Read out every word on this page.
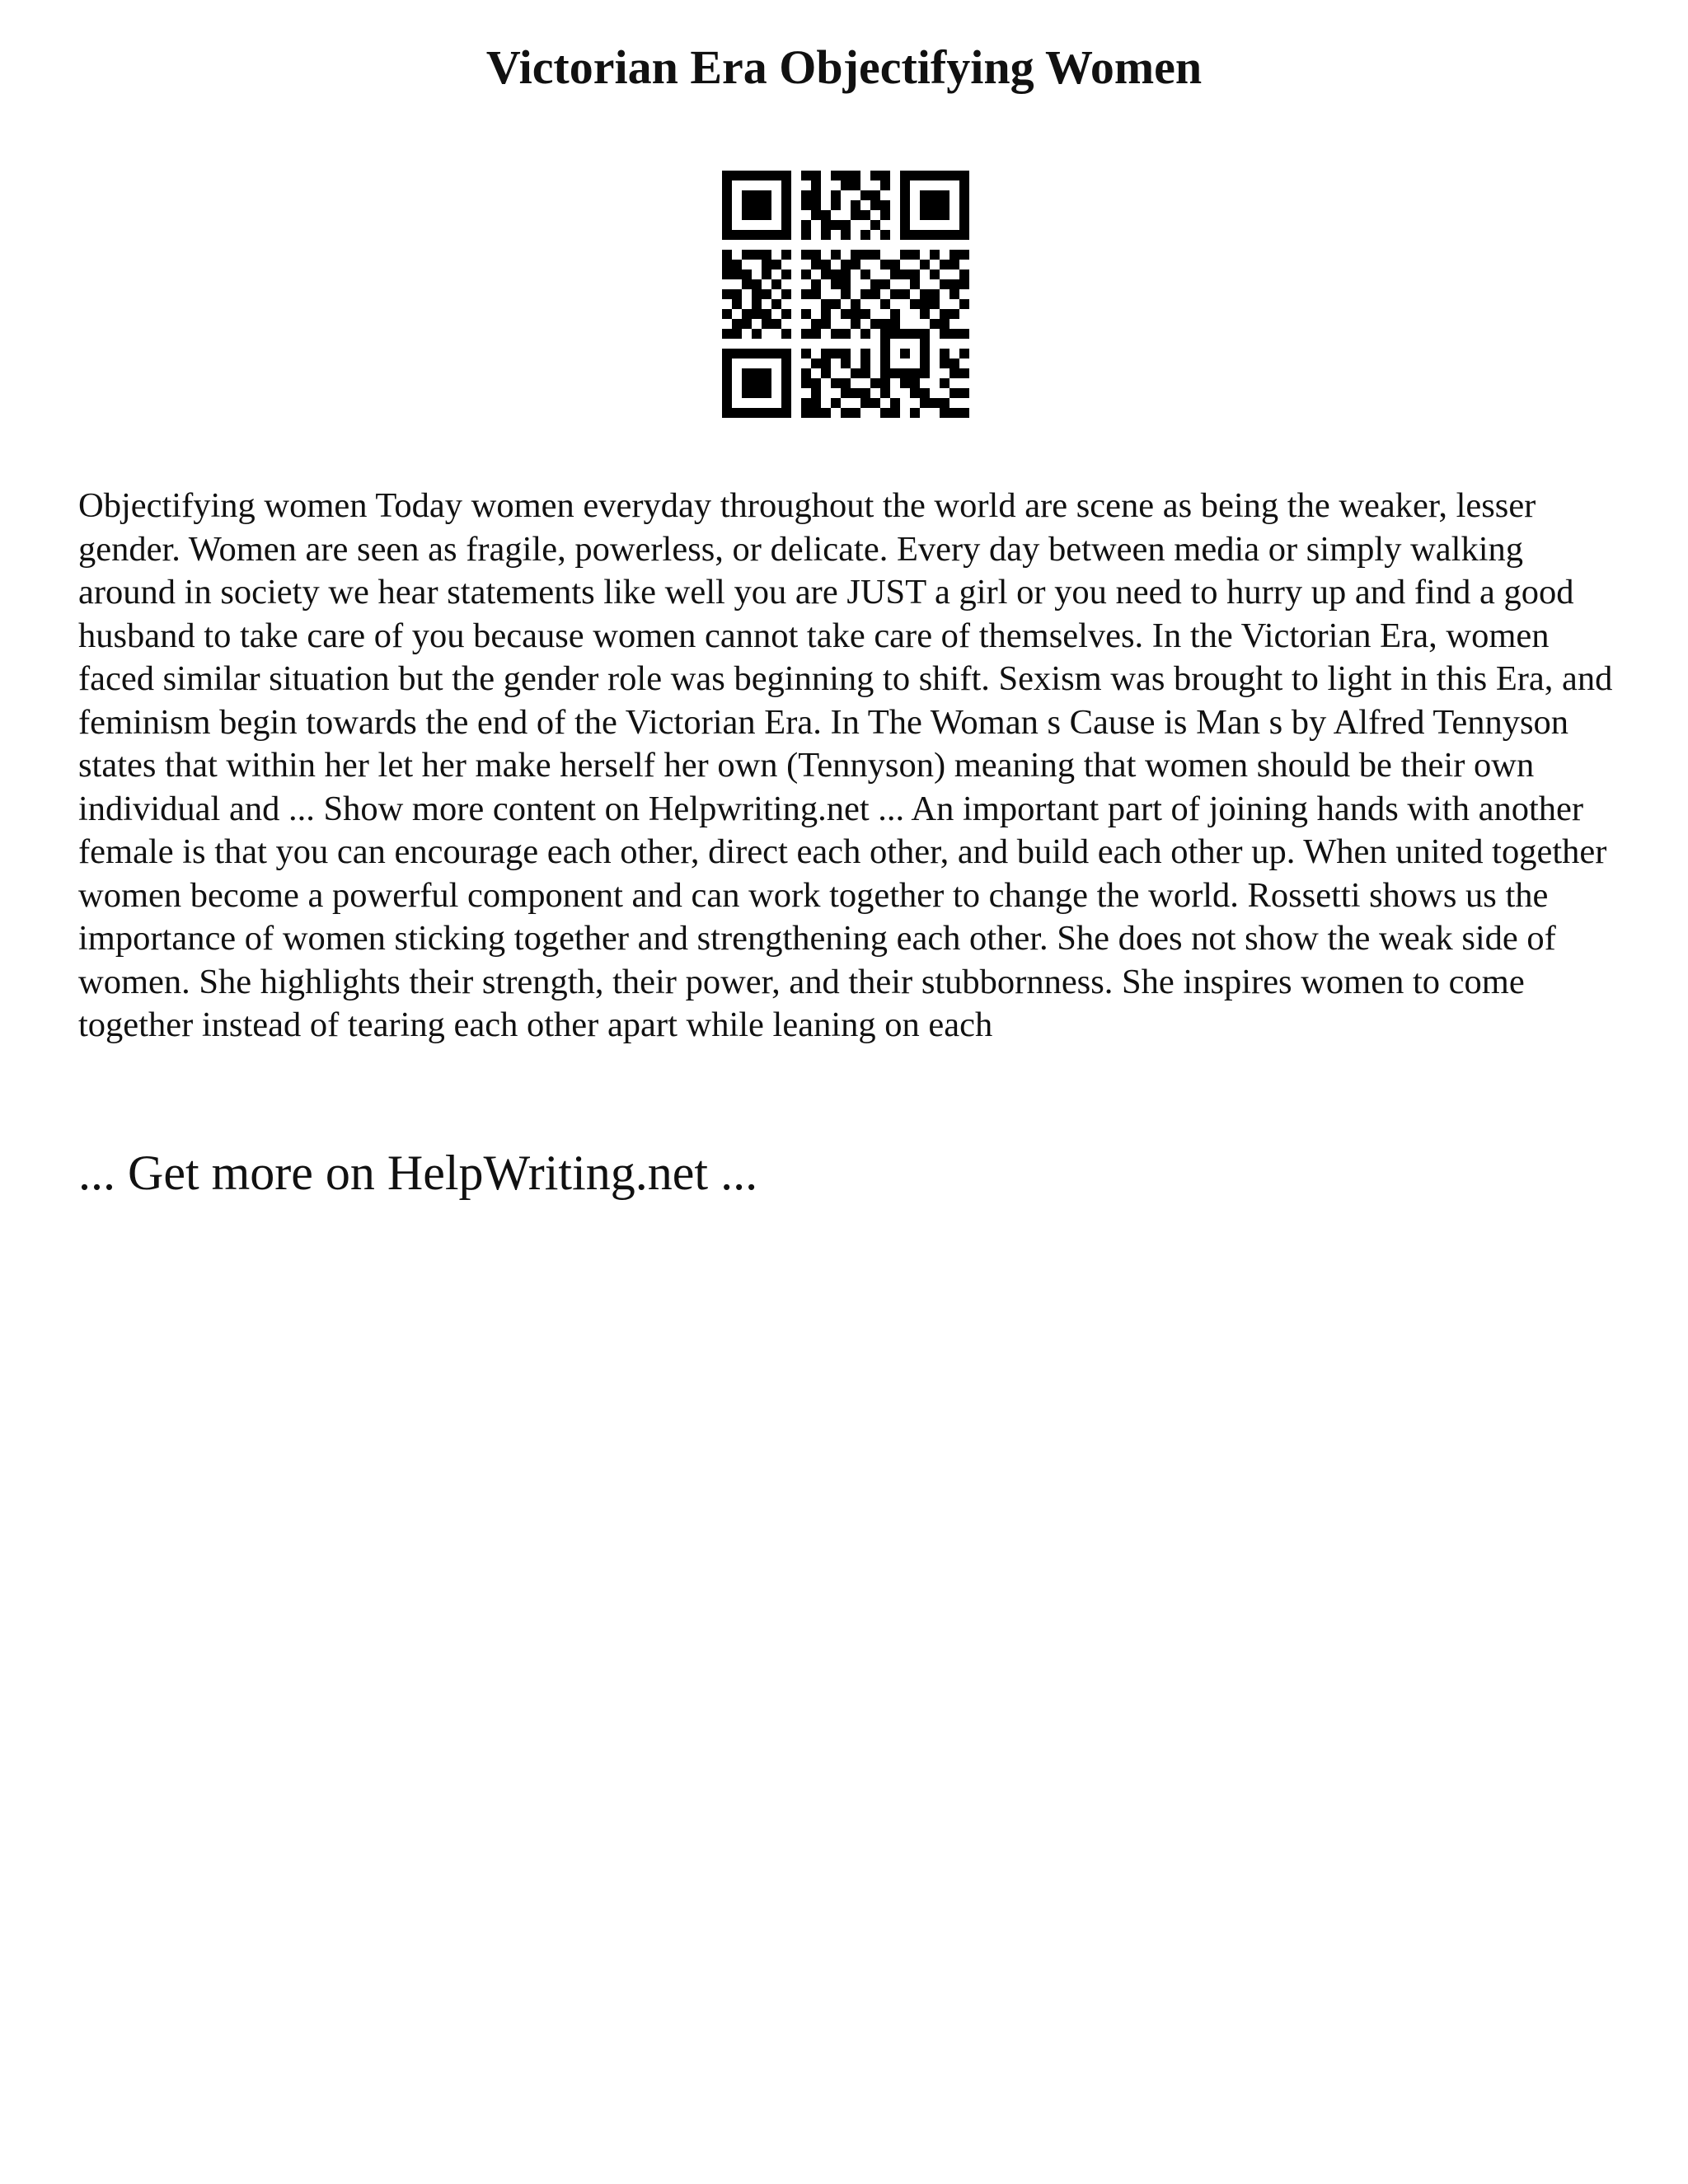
Victorian Era Objectifying Women

Objectifying women Today women everyday throughout the world are scene as being the weaker, lesser gender. Women are seen as fragile, powerless, or delicate. Every day between media or simply walking around in society we hear statements like well you are JUST a girl or you need to hurry up and find a good husband to take care of you because women cannot take care of themselves. In the Victorian Era, women faced similar situation but the gender role was beginning to shift. Sexism was brought to light in this Era, and feminism begin towards the end of the Victorian Era. In The Woman s Cause is Man s by Alfred Tennyson states that within her let her make herself her own (Tennyson) meaning that women should be their own individual and ... Show more content on Helpwriting.net ... An important part of joining hands with another female is that you can encourage each other, direct each other, and build each other up. When united together women become a powerful component and can work together to change the world. Rossetti shows us the importance of women sticking together and strengthening each other. She does not show the weak side of women. She highlights their strength, their power, and their stubbornness. She inspires women to come together instead of tearing each other apart while leaning on each

... Get more on HelpWriting.net ...
